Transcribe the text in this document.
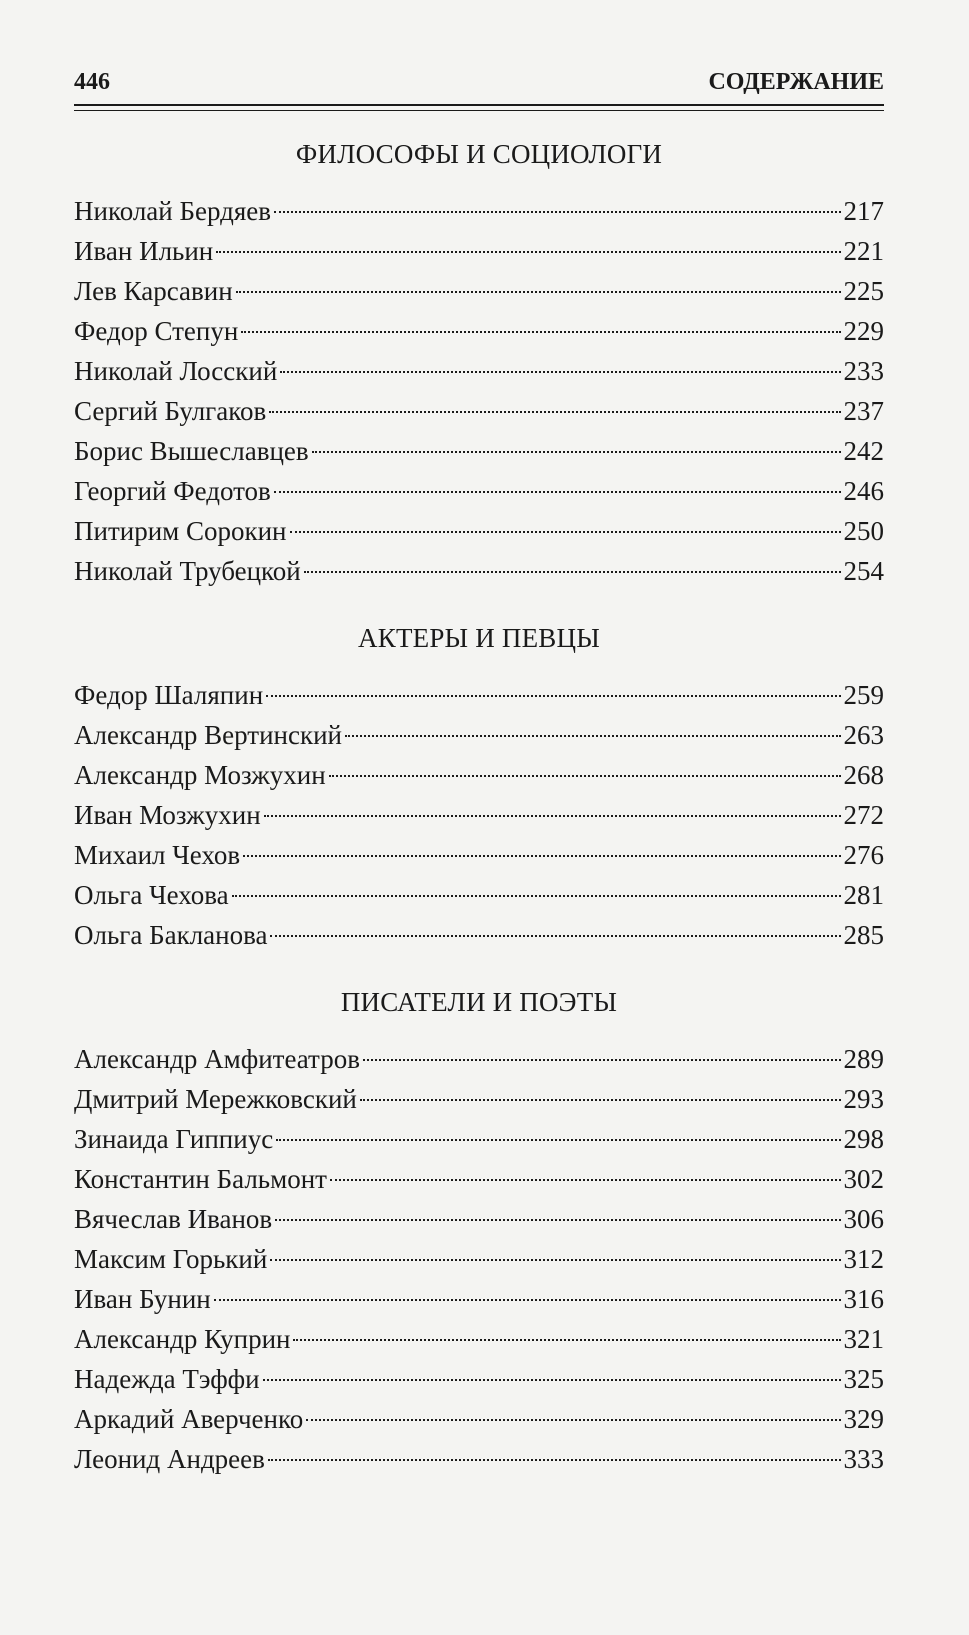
446	СОДЕРЖАНИЕ
ФИЛОСОФЫ И СОЦИОЛОГИ
Николай Бердяев	217
Иван Ильин	221
Лев Карсавин	225
Федор Степун	229
Николай Лосский	233
Сергий Булгаков	237
Борис Вышеславцев	242
Георгий Федотов	246
Питирим Сорокин	250
Николай Трубецкой	254
АКТЕРЫ И ПЕВЦЫ
Федор Шаляпин	259
Александр Вертинский	263
Александр Мозжухин	268
Иван Мозжухин	272
Михаил Чехов	276
Ольга Чехова	281
Ольга Бакланова	285
ПИСАТЕЛИ И ПОЭТЫ
Александр Амфитеатров	289
Дмитрий Мережковский	293
Зинаида Гиппиус	298
Константин Бальмонт	302
Вячеслав Иванов	306
Максим Горький	312
Иван Бунин	316
Александр Куприн	321
Надежда Тэффи	325
Аркадий Аверченко	329
Леонид Андреев	333
